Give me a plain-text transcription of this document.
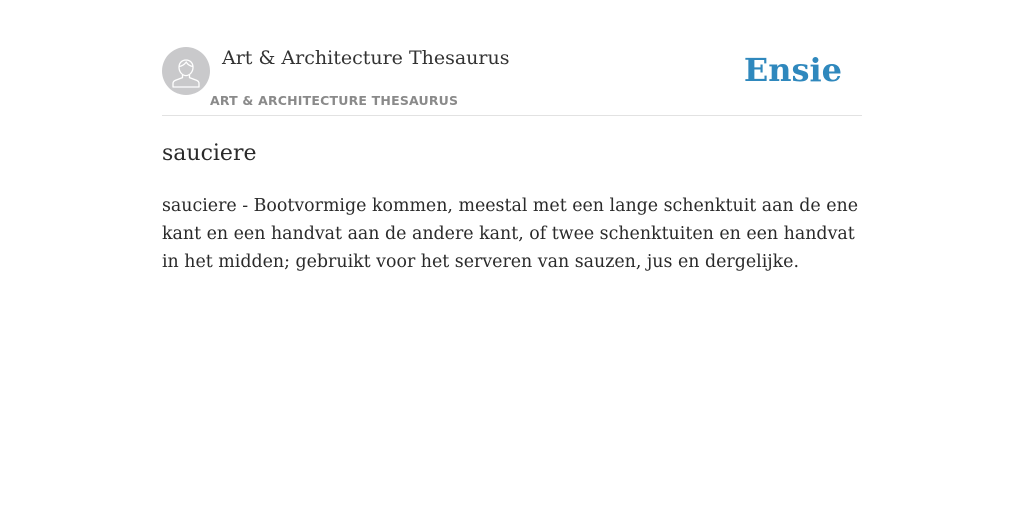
Art & Architecture Thesaurus
ART & ARCHITECTURE THESAURUS
Ensie
sauciere

sauciere - Bootvormige kommen, meestal met een lange schenktuit aan de ene kant en een handvat aan de andere kant, of twee schenktuiten en een handvat in het midden; gebruikt voor het serveren van sauzen, jus en dergelijke.
